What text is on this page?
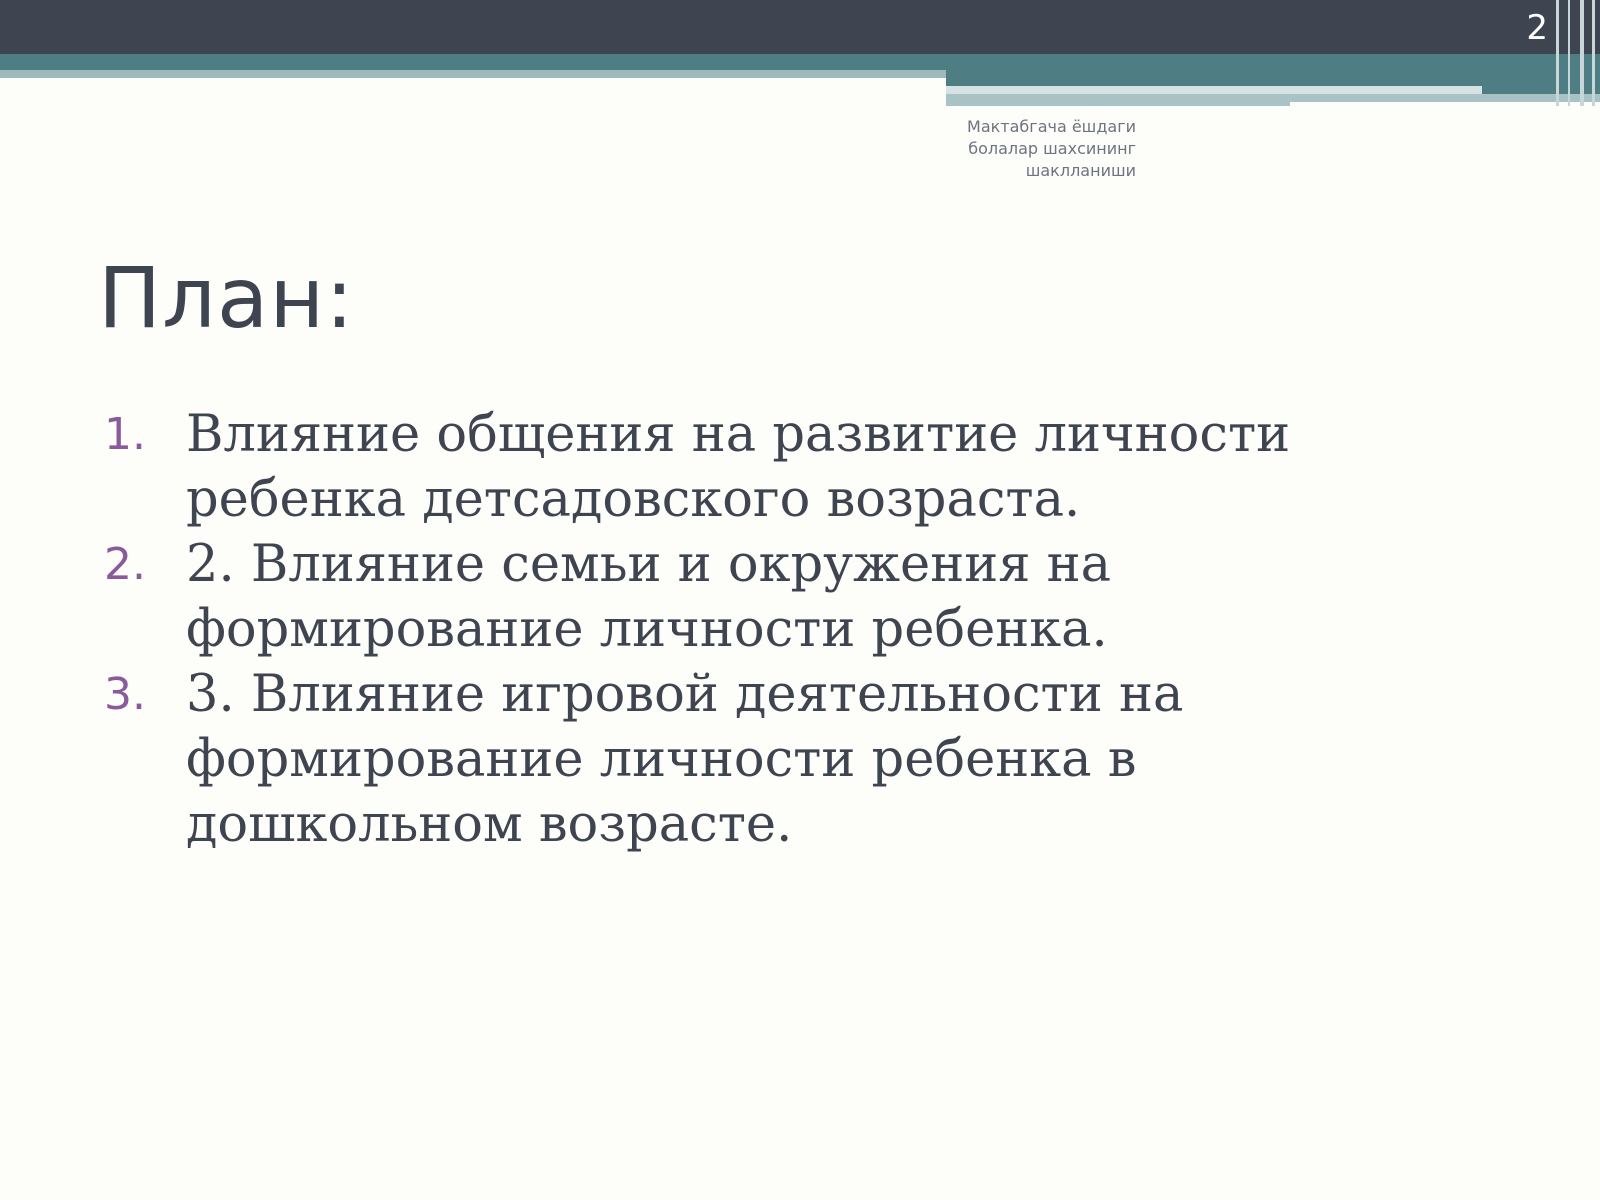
2
Мактабгача ёшдаги
болалар шахсининг
шаклланиши
План:
1. Влияние общения на развитие личности
ребенка детсадовского возраста.
2. 2. Влияние семьи и окружения на
формирование личности ребенка.
3. 3. Влияние игровой деятельности на
формирование личности ребенка в
дошкольном возрасте.
